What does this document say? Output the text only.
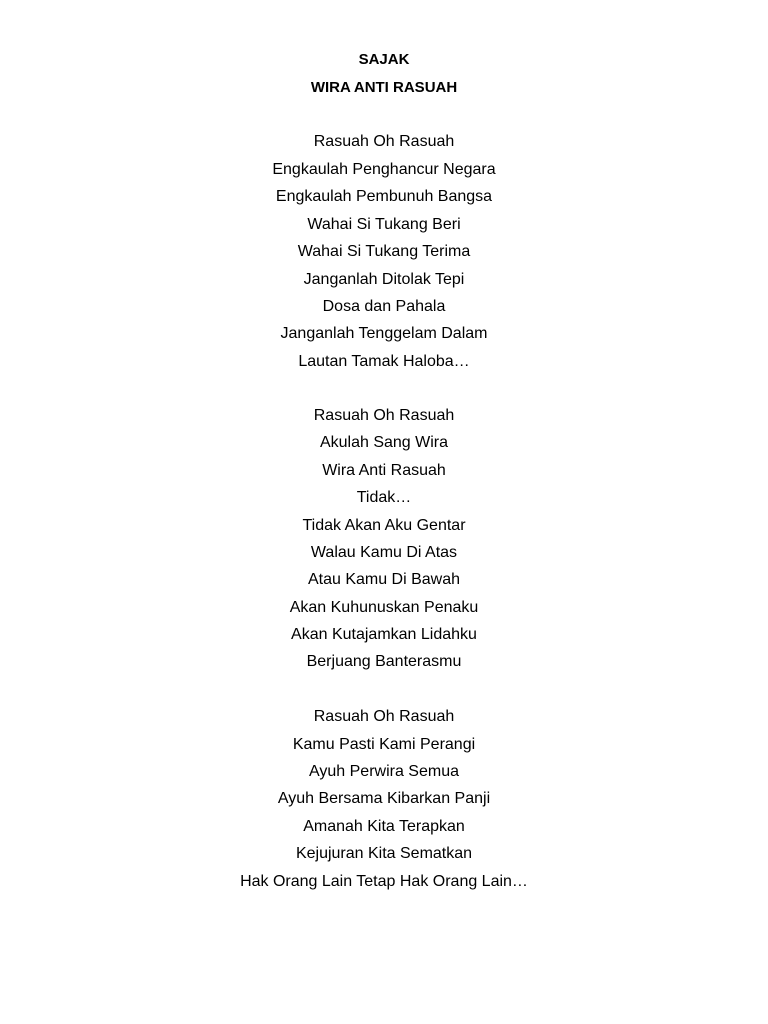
SAJAK
WIRA ANTI RASUAH
Rasuah Oh Rasuah
Engkaulah Penghancur Negara
Engkaulah Pembunuh Bangsa
Wahai Si Tukang Beri
Wahai Si Tukang Terima
Janganlah Ditolak Tepi
Dosa dan Pahala
Janganlah Tenggelam Dalam
Lautan Tamak Haloba…
Rasuah Oh Rasuah
Akulah Sang Wira
Wira Anti Rasuah
Tidak…
Tidak Akan Aku Gentar
Walau Kamu Di Atas
Atau Kamu Di Bawah
Akan Kuhunuskan Penaku
Akan Kutajamkan Lidahku
Berjuang Banterasmu
Rasuah Oh Rasuah
Kamu Pasti Kami Perangi
Ayuh Perwira Semua
Ayuh Bersama Kibarkan Panji
Amanah Kita Terapkan
Kejujuran Kita Sematkan
Hak Orang Lain Tetap Hak Orang Lain…
